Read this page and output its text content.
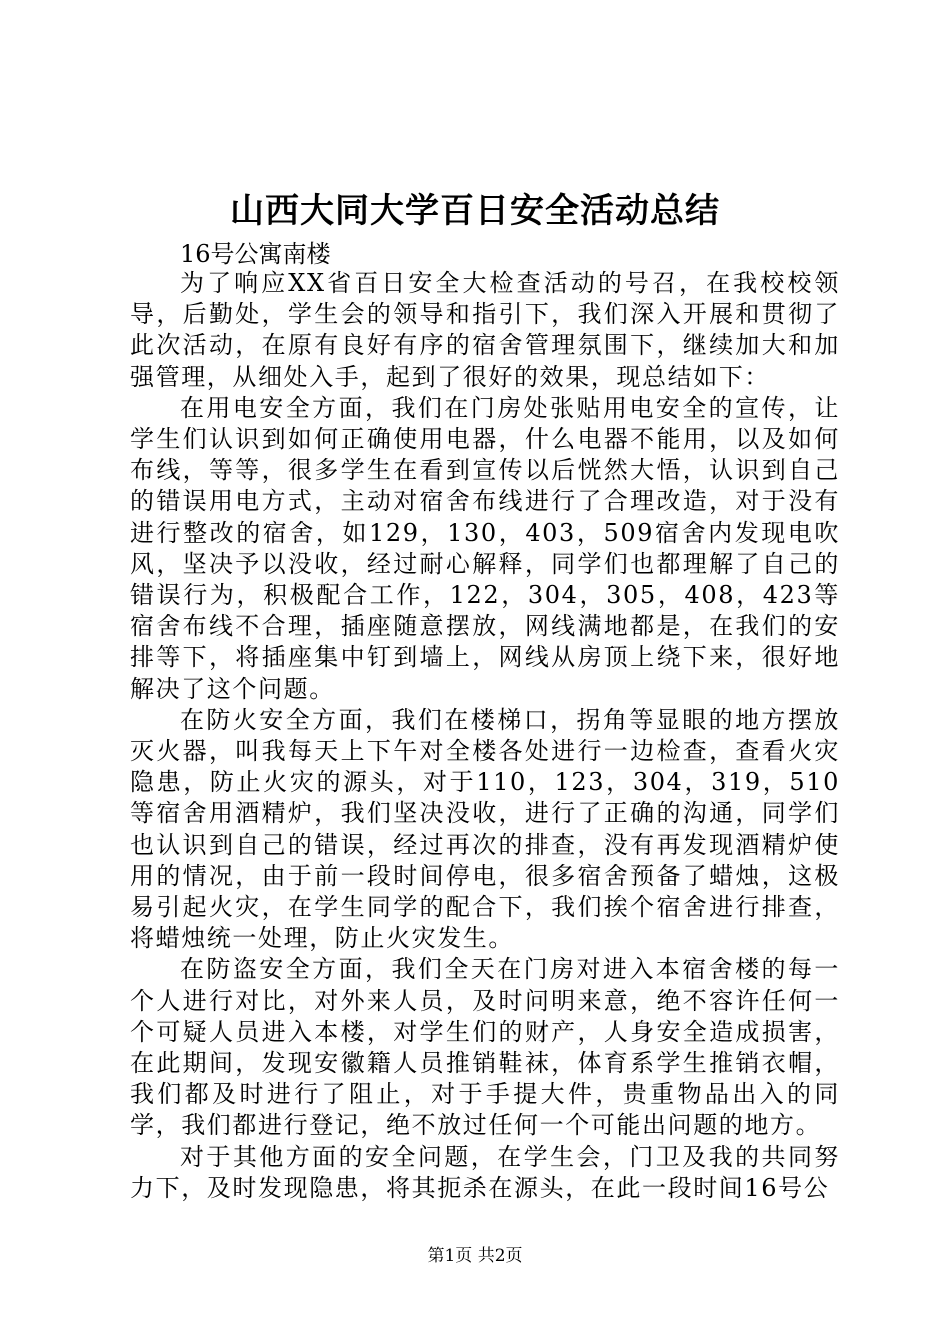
山西大同大学百日安全活动总结

16号公寓南楼

为了响应XX省百日安全大检查活动的号召，在我校校领导，后勤处，学生会的领导和指引下，我们深入开展和贯彻了此次活动，在原有良好有序的宿舍管理氛围下，继续加大和加强管理，从细处入手，起到了很好的效果，现总结如下：

在用电安全方面，我们在门房处张贴用电安全的宣传，让学生们认识到如何正确使用电器，什么电器不能用，以及如何布线，等等，很多学生在看到宣传以后恍然大悟，认识到自己的错误用电方式，主动对宿舍布线进行了合理改造，对于没有进行整改的宿舍，如129，130，403，509宿舍内发现电吹风，坚决予以没收，经过耐心解释，同学们也都理解了自己的错误行为，积极配合工作，122，304，305，408，423等宿舍布线不合理，插座随意摆放，网线满地都是，在我们的安排等下，将插座集中钉到墙上，网线从房顶上绕下来，很好地解决了这个问题。

在防火安全方面，我们在楼梯口，拐角等显眼的地方摆放灭火器，叫我每天上下午对全楼各处进行一边检查，查看火灾隐患，防止火灾的源头，对于110，123，304，319，510等宿舍用酒精炉，我们坚决没收，进行了正确的沟通，同学们也认识到自己的错误，经过再次的排查，没有再发现酒精炉使用的情况，由于前一段时间停电，很多宿舍预备了蜡烛，这极易引起火灾，在学生同学的配合下，我们挨个宿舍进行排查，将蜡烛统一处理，防止火灾发生。

在防盗安全方面，我们全天在门房对进入本宿舍楼的每一个人进行对比，对外来人员，及时问明来意，绝不容许任何一个可疑人员进入本楼，对学生们的财产，人身安全造成损害，在此期间，发现安徽籍人员推销鞋袜，体育系学生推销衣帽，我们都及时进行了阻止，对于手提大件，贵重物品出入的同学，我们都进行登记，绝不放过任何一个可能出问题的地方。

对于其他方面的安全问题，在学生会，门卫及我的共同努力下，及时发现隐患，将其扼杀在源头，在此一段时间16号公

第1页 共2页
